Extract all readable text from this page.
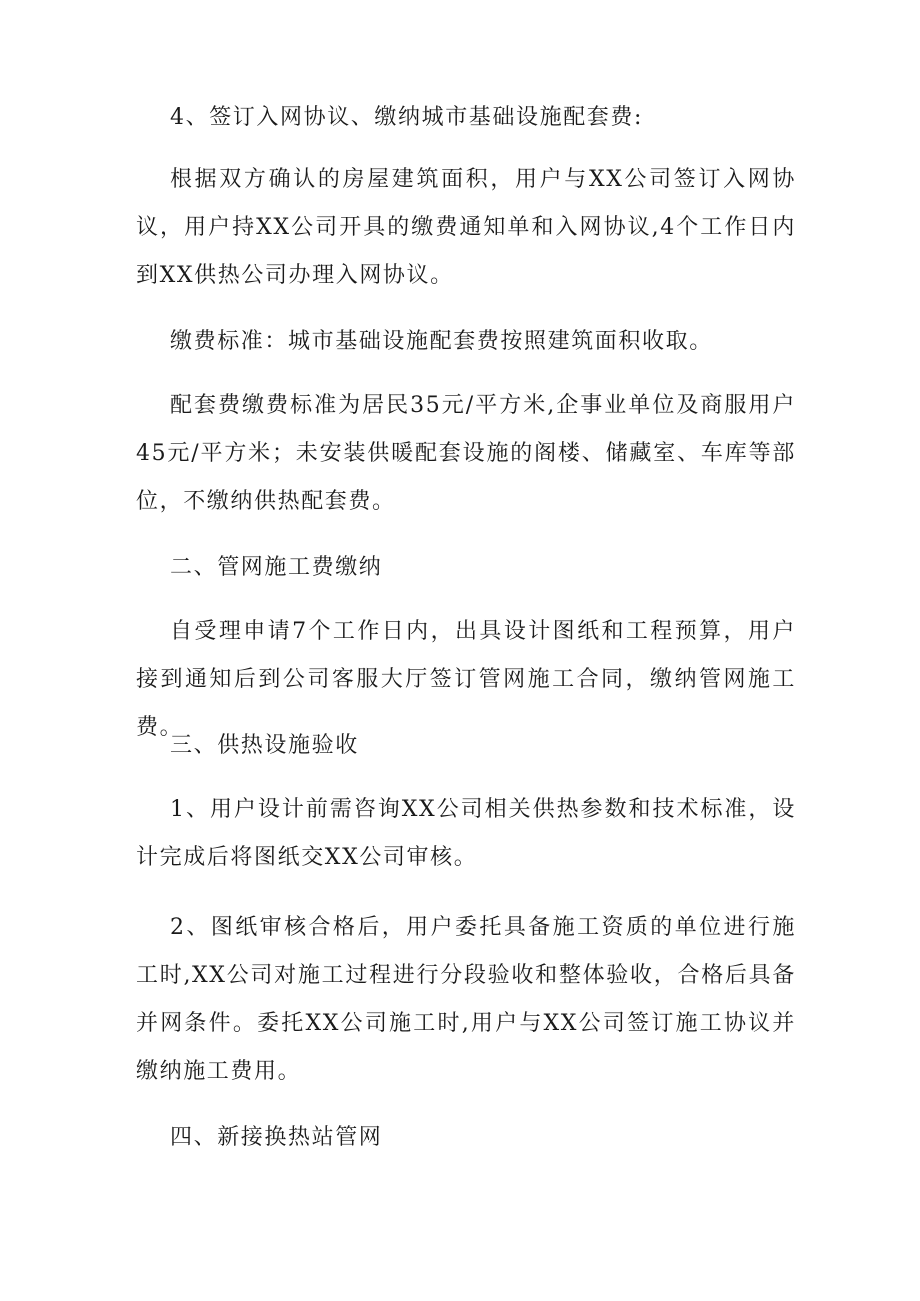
4、签订入网协议、缴纳城市基础设施配套费:

根据双方确认的房屋建筑面积，用户与XX公司签订入网协议，用户持XX公司开具的缴费通知单和入网协议,4个工作日内到XX供热公司办理入网协议。

缴费标准：城市基础设施配套费按照建筑面积收取。

配套费缴费标准为居民35元/平方米,企事业单位及商服用户45元/平方米；未安装供暖配套设施的阁楼、储藏室、车库等部位，不缴纳供热配套费。

二、管网施工费缴纳

自受理申请7个工作日内，出具设计图纸和工程预算，用户接到通知后到公司客服大厅签订管网施工合同，缴纳管网施工费。

三、供热设施验收

1、用户设计前需咨询XX公司相关供热参数和技术标准，设计完成后将图纸交XX公司审核。

2、图纸审核合格后，用户委托具备施工资质的单位进行施工时,XX公司对施工过程进行分段验收和整体验收，合格后具备并网条件。委托XX公司施工时,用户与XX公司签订施工协议并缴纳施工费用。

四、新接换热站管网
